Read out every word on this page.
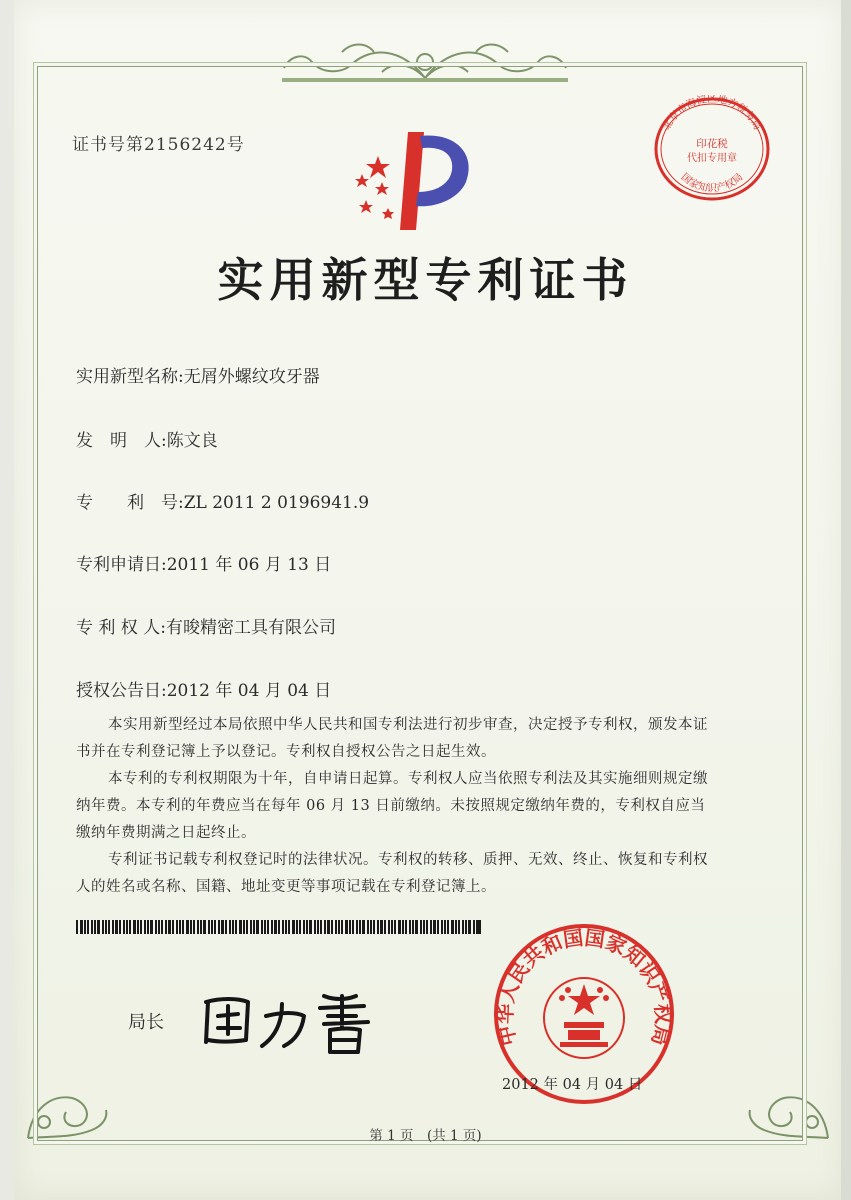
证书号第2156242号
北京市海淀区地方税务局
印花税
代扣专用章
国家知识产权局
实用新型专利证书
实用新型名称:无屑外螺纹攻牙器
发　明　人:陈文良
专　　利　号:ZL 2011 2 0196941.9
专利申请日:2011 年 06 月 13 日
专 利 权 人:有晙精密工具有限公司
授权公告日:2012 年 04 月 04 日

本实用新型经过本局依照中华人民共和国专利法进行初步审查，决定授予专利权，颁发本证书并在专利登记簿上予以登记。专利权自授权公告之日起生效。

本专利的专利权期限为十年，自申请日起算。专利权人应当依照专利法及其实施细则规定缴纳年费。本专利的年费应当在每年 06 月 13 日前缴纳。未按照规定缴纳年费的，专利权自应当缴纳年费期满之日起终止。

专利证书记载专利权登记时的法律状况。专利权的转移、质押、无效、终止、恢复和专利权人的姓名或名称、国籍、地址变更等事项记载在专利登记簿上。

局长
中华人民共和国国家知识产权局
2012 年 04 月 04 日
第 1 页　(共 1 页)
